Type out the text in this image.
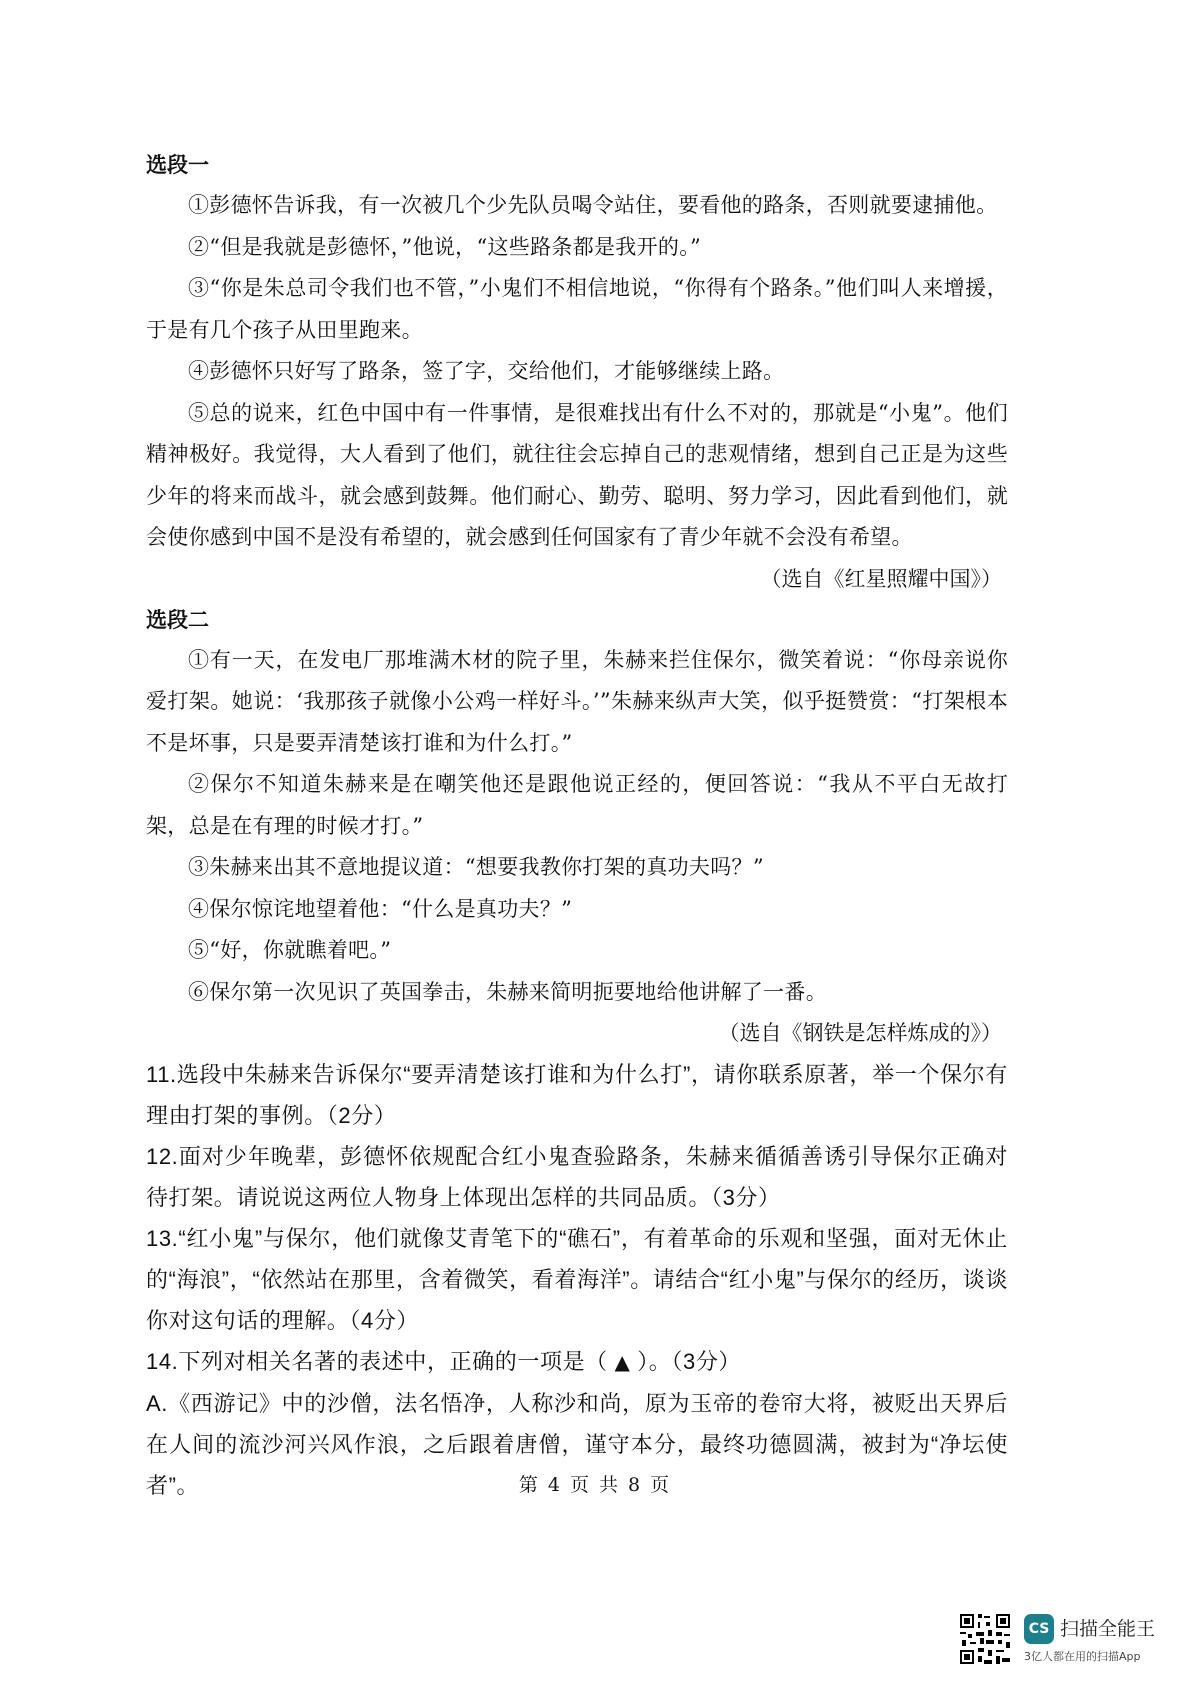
选段一

①彭德怀告诉我，有一次被几个少先队员喝令站住，要看他的路条，否则就要逮捕他。

②“但是我就是彭德怀，”他说，“这些路条都是我开的。”

③“你是朱总司令我们也不管，”小鬼们不相信地说，“你得有个路条。”他们叫人来增援，于是有几个孩子从田里跑来。

④彭德怀只好写了路条，签了字，交给他们，才能够继续上路。

⑤总的说来，红色中国中有一件事情，是很难找出有什么不对的，那就是“小鬼”。他们精神极好。我觉得，大人看到了他们，就往往会忘掉自己的悲观情绪，想到自己正是为这些少年的将来而战斗，就会感到鼓舞。他们耐心、勤劳、聪明、努力学习，因此看到他们，就会使你感到中国不是没有希望的，就会感到任何国家有了青少年就不会没有希望。

（选自《红星照耀中国》）

选段二

①有一天，在发电厂那堆满木材的院子里，朱赫来拦住保尔，微笑着说：“你母亲说你爱打架。她说：‘我那孩子就像小公鸡一样好斗。’”朱赫来纵声大笑，似乎挺赞赏：“打架根本不是坏事，只是要弄清楚该打谁和为什么打。”

②保尔不知道朱赫来是在嘲笑他还是跟他说正经的，便回答说：“我从不平白无故打架，总是在有理的时候才打。”

③朱赫来出其不意地提议道：“想要我教你打架的真功夫吗？”

④保尔惊诧地望着他：“什么是真功夫？”

⑤“好，你就瞧着吧。”

⑥保尔第一次见识了英国拳击，朱赫来简明扼要地给他讲解了一番。

（选自《钢铁是怎样炼成的》）

11.选段中朱赫来告诉保尔“要弄清楚该打谁和为什么打”，请你联系原著，举一个保尔有理由打架的事例。（2分）

12.面对少年晚辈，彭德怀依规配合红小鬼查验路条，朱赫来循循善诱引导保尔正确对待打架。请说说这两位人物身上体现出怎样的共同品质。（3分）

13.“红小鬼”与保尔，他们就像艾青笔下的“礁石”，有着革命的乐观和坚强，面对无休止的“海浪”，“依然站在那里，含着微笑，看着海洋”。请结合“红小鬼”与保尔的经历，谈谈你对这句话的理解。（4分）

14.下列对相关名著的表述中，正确的一项是（ ▲ ）。（3分）

A.《西游记》中的沙僧，法名悟净，人称沙和尚，原为玉帝的卷帘大将，被贬出天界后在人间的流沙河兴风作浪，之后跟着唐僧，谨守本分，最终功德圆满，被封为“净坛使者”。	第 4 页 共 8 页
CS 扫描全能王
3亿人都在用的扫描App
